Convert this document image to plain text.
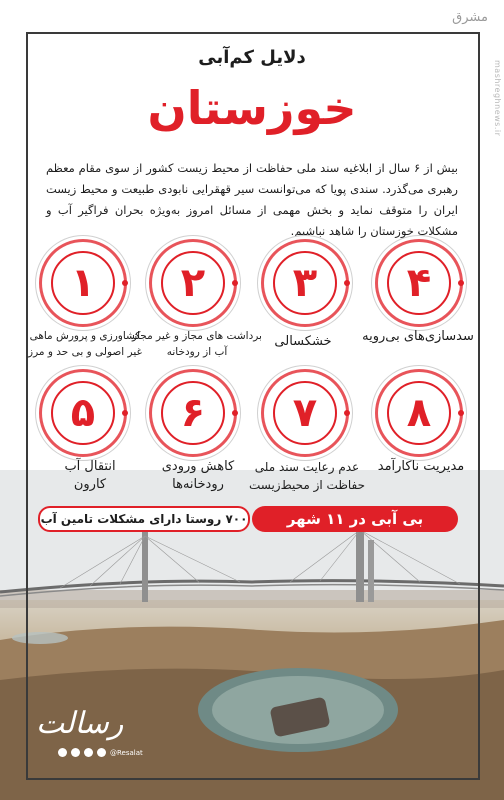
مشرق
mashreghnews.ir
دلایل کم‌آبی
خوزستان
بیش از ۶ سال از ابلاغیه سند ملی حفاظت از محیط زیست کشور از سوی مقام معظم رهبری می‌گذرد. سندی پویا که می‌توانست سیر قهقرایی نابودی طبیعت و محیط زیست ایران را متوقف نماید و بخش مهمی از مسائل امروز به‌ویژه بحران فراگیر آب و مشکلات خوزستان را شاهد نباشیم.
۴
۳
۲
۱
سدسازی‌های بی‌رویه
خشکسالی
برداشت های مجاز و غیر مجاز آب از رودخانه
کشاورزی و پرورش ماهی غیر اصولی و بی حد و مرز
۸
۷
۶
۵
مدیریت ناکارآمد
عدم رعایت سند ملی حفاظت از محیط‌زیست
کاهش ورودی رودخانه‌ها
انتقال آب کارون
بی آبی در ۱۱ شهر
۷۰۰ روستا دارای مشکلات تامین آب
رسالت
@Resalat
